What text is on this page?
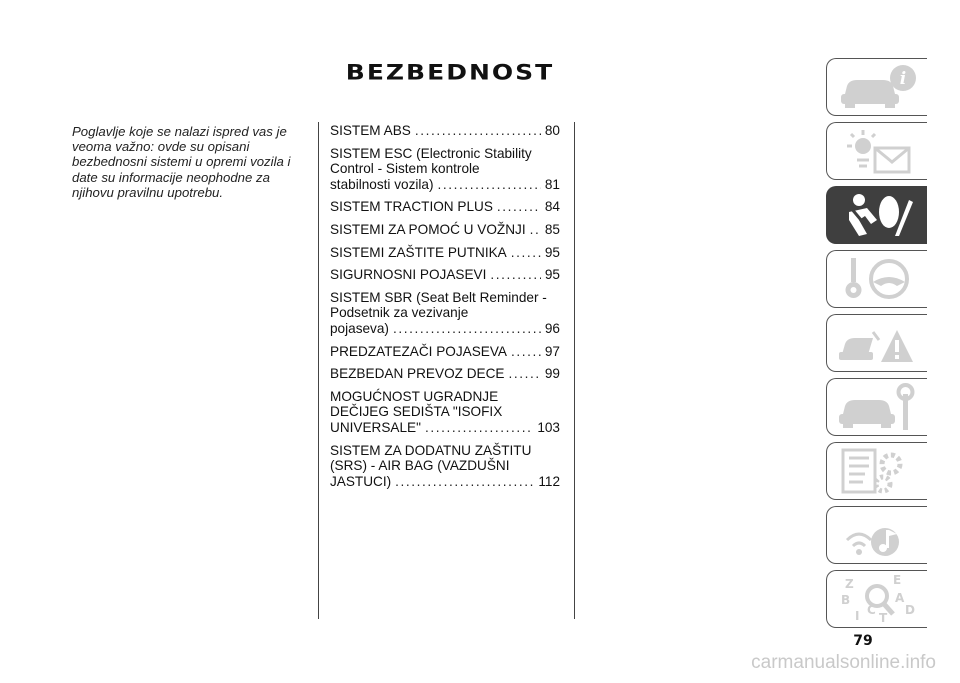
BEZBEDNOST
Poglavlje koje se nalazi ispred vas je veoma važno: ovde su opisani bezbednosni sistemi u opremi vozila i date su informacije neophodne za njihovu pravilnu upotrebu.
SISTEM ABS .....	80
SISTEM ESC (Electronic Stability Control - Sistem kontrole
stabilnosti vozila) .....	81
SISTEM TRACTION PLUS .....	84
SISTEMI ZA POMOĆ U VOŽNJI ..... 85
SISTEMI ZAŠTITE PUTNIKA .....	95
SIGURNOSNI POJASEVI .....	95
SISTEM SBR (Seat Belt Reminder - Podsetnik za vezivanje
pojaseva) .....	96
PREDZATEZAČI POJASEVA .....	97
BEZBEDAN PREVOZ DECE .....	99
MOGUĆNOST UGRADNJE DEČIJEG SEDIŠTA "ISOFIX
UNIVERSALE" .....	103
SISTEM ZA DODATNU ZAŠTITU (SRS) - AIR BAG (VAZDUŠNI
JASTUCI) .....	112
i
Z	E
B	A
D
C
T
I
79
carmanualsonline.info
